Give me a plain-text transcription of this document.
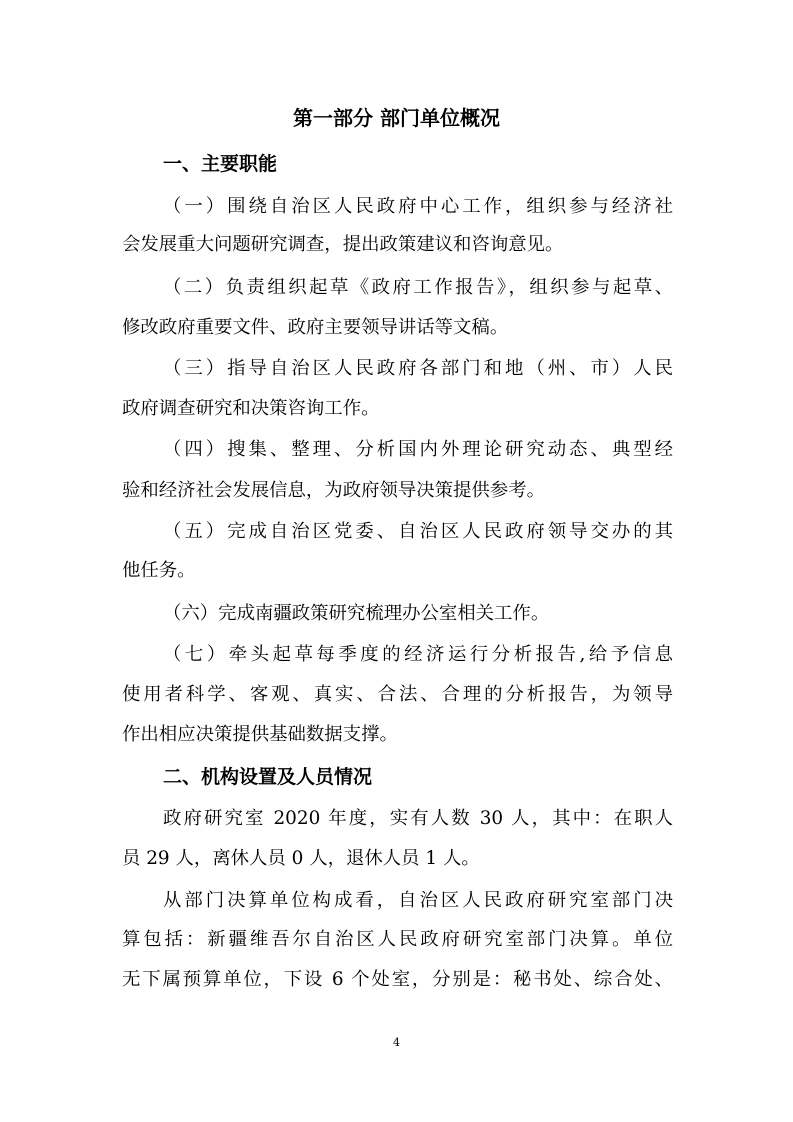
第一部分 部门单位概况
一、主要职能
（一）围绕自治区人民政府中心工作，组织参与经济社
会发展重大问题研究调查，提出政策建议和咨询意见。
（二）负责组织起草《政府工作报告》，组织参与起草、
修改政府重要文件、政府主要领导讲话等文稿。
（三）指导自治区人民政府各部门和地（州、市）人民
政府调查研究和决策咨询工作。
（四）搜集、整理、分析国内外理论研究动态、典型经
验和经济社会发展信息，为政府领导决策提供参考。
（五）完成自治区党委、自治区人民政府领导交办的其
他任务。
（六）完成南疆政策研究梳理办公室相关工作。
（七）牵头起草每季度的经济运行分析报告,给予信息
使用者科学、客观、真实、合法、合理的分析报告，为领导
作出相应决策提供基础数据支撑。
二、机构设置及人员情况
政府研究室 2020 年度，实有人数 30 人，其中：在职人
员 29 人，离休人员 0 人，退休人员 1 人。
从部门决算单位构成看，自治区人民政府研究室部门决
算包括：新疆维吾尔自治区人民政府研究室部门决算。单位
无下属预算单位，下设 6 个处室，分别是：秘书处、综合处、
4
